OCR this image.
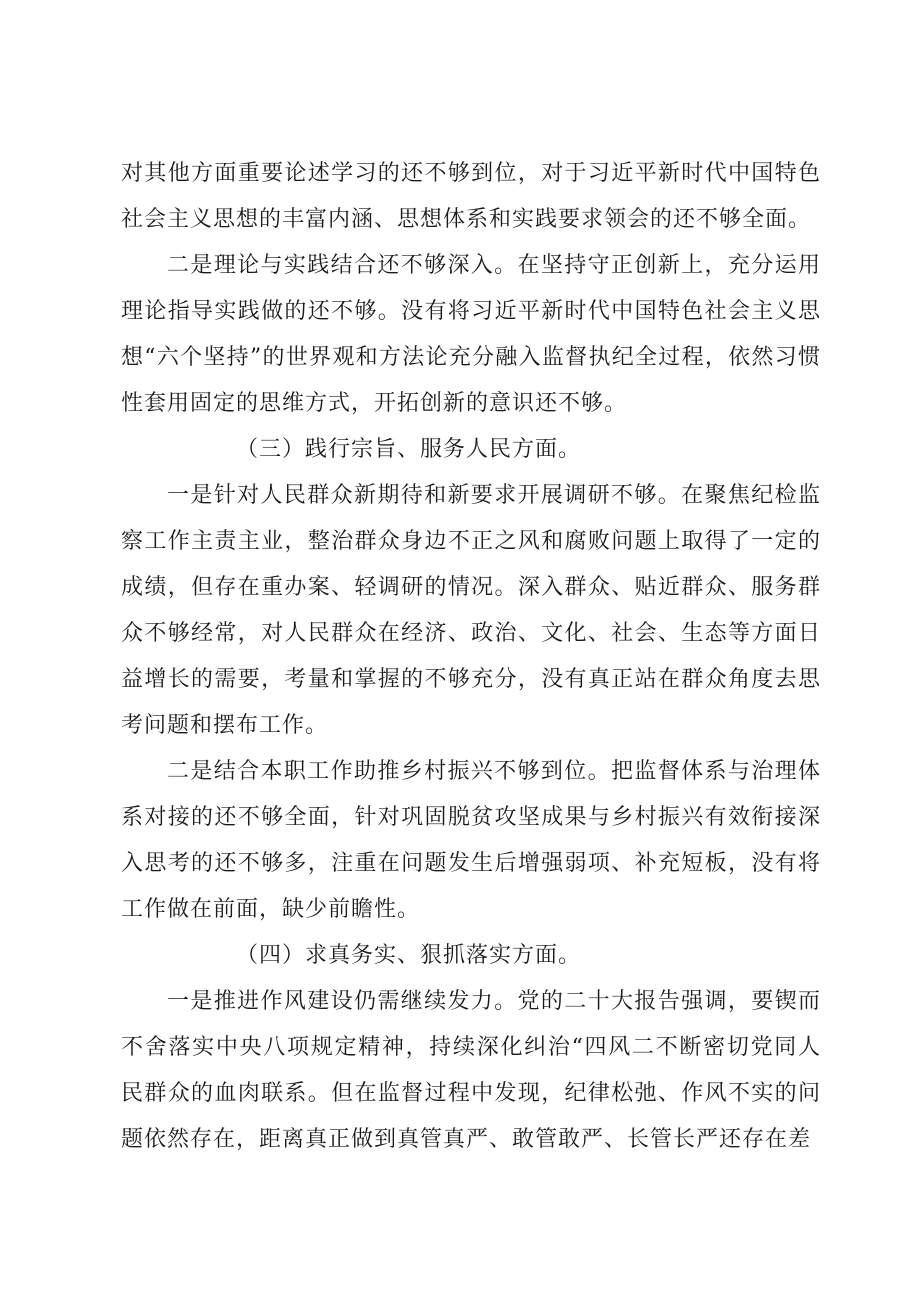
对其他方面重要论述学习的还不够到位，对于习近平新时代中国特色社会主义思想的丰富内涵、思想体系和实践要求领会的还不够全面。

二是理论与实践结合还不够深入。在坚持守正创新上，充分运用理论指导实践做的还不够。没有将习近平新时代中国特色社会主义思想“六个坚持”的世界观和方法论充分融入监督执纪全过程，依然习惯性套用固定的思维方式，开拓创新的意识还不够。

（三）践行宗旨、服务人民方面。

一是针对人民群众新期待和新要求开展调研不够。在聚焦纪检监察工作主责主业，整治群众身边不正之风和腐败问题上取得了一定的成绩，但存在重办案、轻调研的情况。深入群众、贴近群众、服务群众不够经常，对人民群众在经济、政治、文化、社会、生态等方面日益增长的需要，考量和掌握的不够充分，没有真正站在群众角度去思考问题和摆布工作。

二是结合本职工作助推乡村振兴不够到位。把监督体系与治理体系对接的还不够全面，针对巩固脱贫攻坚成果与乡村振兴有效衔接深入思考的还不够多，注重在问题发生后增强弱项、补充短板，没有将工作做在前面，缺少前瞻性。

（四）求真务实、狠抓落实方面。

一是推进作风建设仍需继续发力。党的二十大报告强调，要锲而不舍落实中央八项规定精神，持续深化纠治“四风二不断密切党同人民群众的血肉联系。但在监督过程中发现，纪律松弛、作风不实的问题依然存在，距离真正做到真管真严、敢管敢严、长管长严还存在差
